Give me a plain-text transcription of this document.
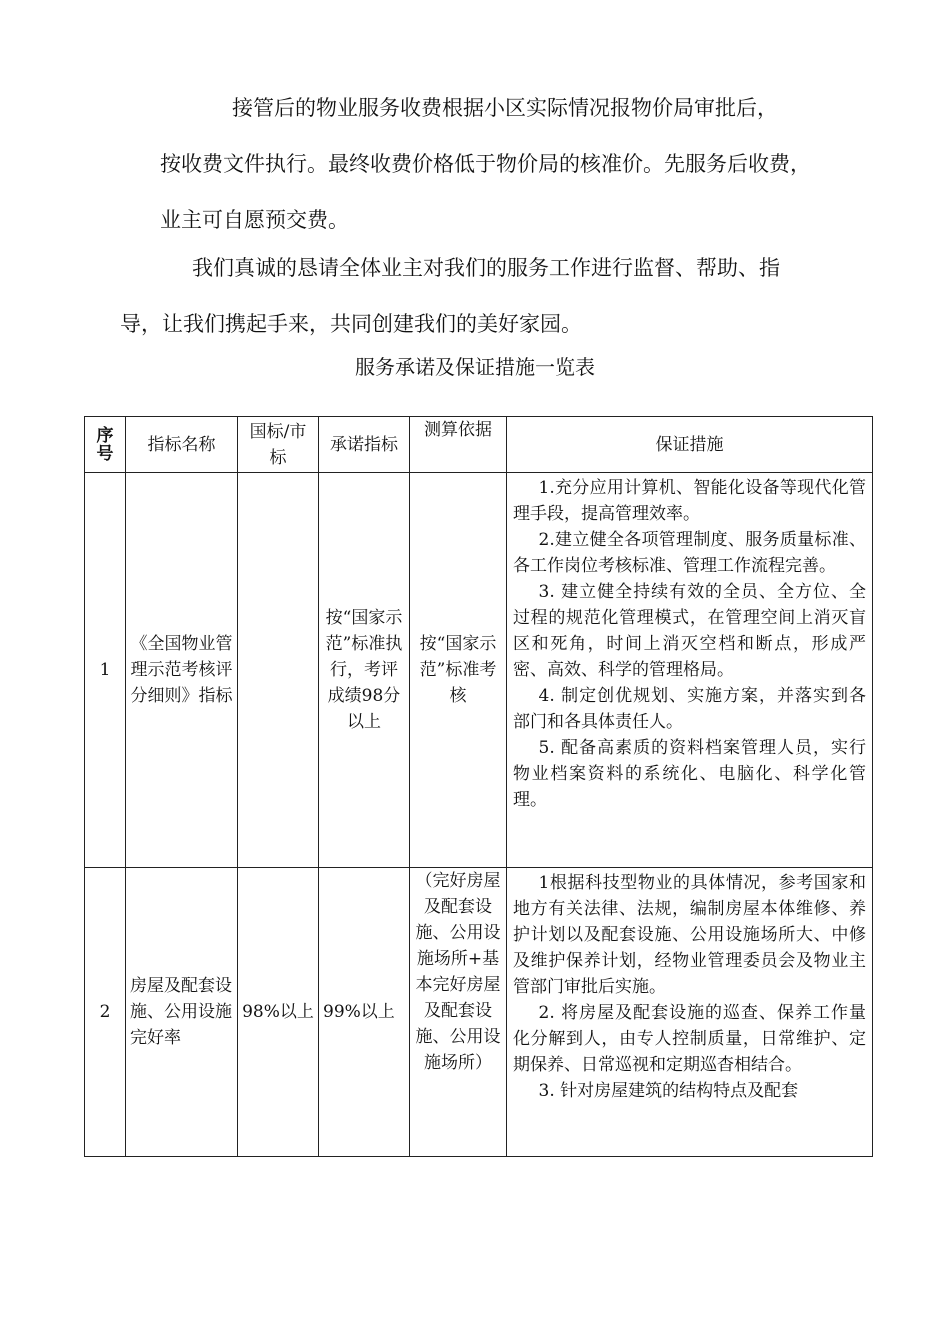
接管后的物业服务收费根据小区实际情况报物价局审批后，
按收费文件执行。最终收费价格低于物价局的核准价。先服务后收费，
业主可自愿预交费。
我们真诚的恳请全体业主对我们的服务工作进行监督、帮助、指
导，让我们携起手来，共同创建我们的美好家园。
服务承诺及保证措施一览表
序号	指标名称	国标/市标	承诺指标	测算依据	保证措施
1	《全国物业管理示范考核评分细则》指标		按“国家示范”标准执行，考评成绩98分以上	按“国家示范”标准考核	1.充分应用计算机、智能化设备等现代化管理手段，提高管理效率。

2.建立健全各项管理制度、服务质量标准、各工作岗位考核标准、管理工作流程完善。

3. 建立健全持续有效的全员、全方位、全过程的规范化管理模式，在管理空间上消灭盲区和死角，时间上消灭空档和断点，形成严密、高效、科学的管理格局。

4. 制定创优规划、实施方案，并落实到各部门和各具体责任人。

5. 配备高素质的资料档案管理人员，实行物业档案资料的系统化、电脑化、科学化管理。

2	房屋及配套设施、公用设施完好率	98%以上	99%以上	（完好房屋及配套设施、公用设施场所+基本完好房屋及配套设施、公用设施场所）	1根据科技型物业的具体情况，参考国家和地方有关法律、法规，编制房屋本体维修、养护计划以及配套设施、公用设施场所大、中修及维护保养计划，经物业管理委员会及物业主管部门审批后实施。

2. 将房屋及配套设施的巡查、保养工作量化分解到人，由专人控制质量，日常维护、定期保养、日常巡视和定期巡杳相结合。

3. 针对房屋建筑的结构特点及配套
